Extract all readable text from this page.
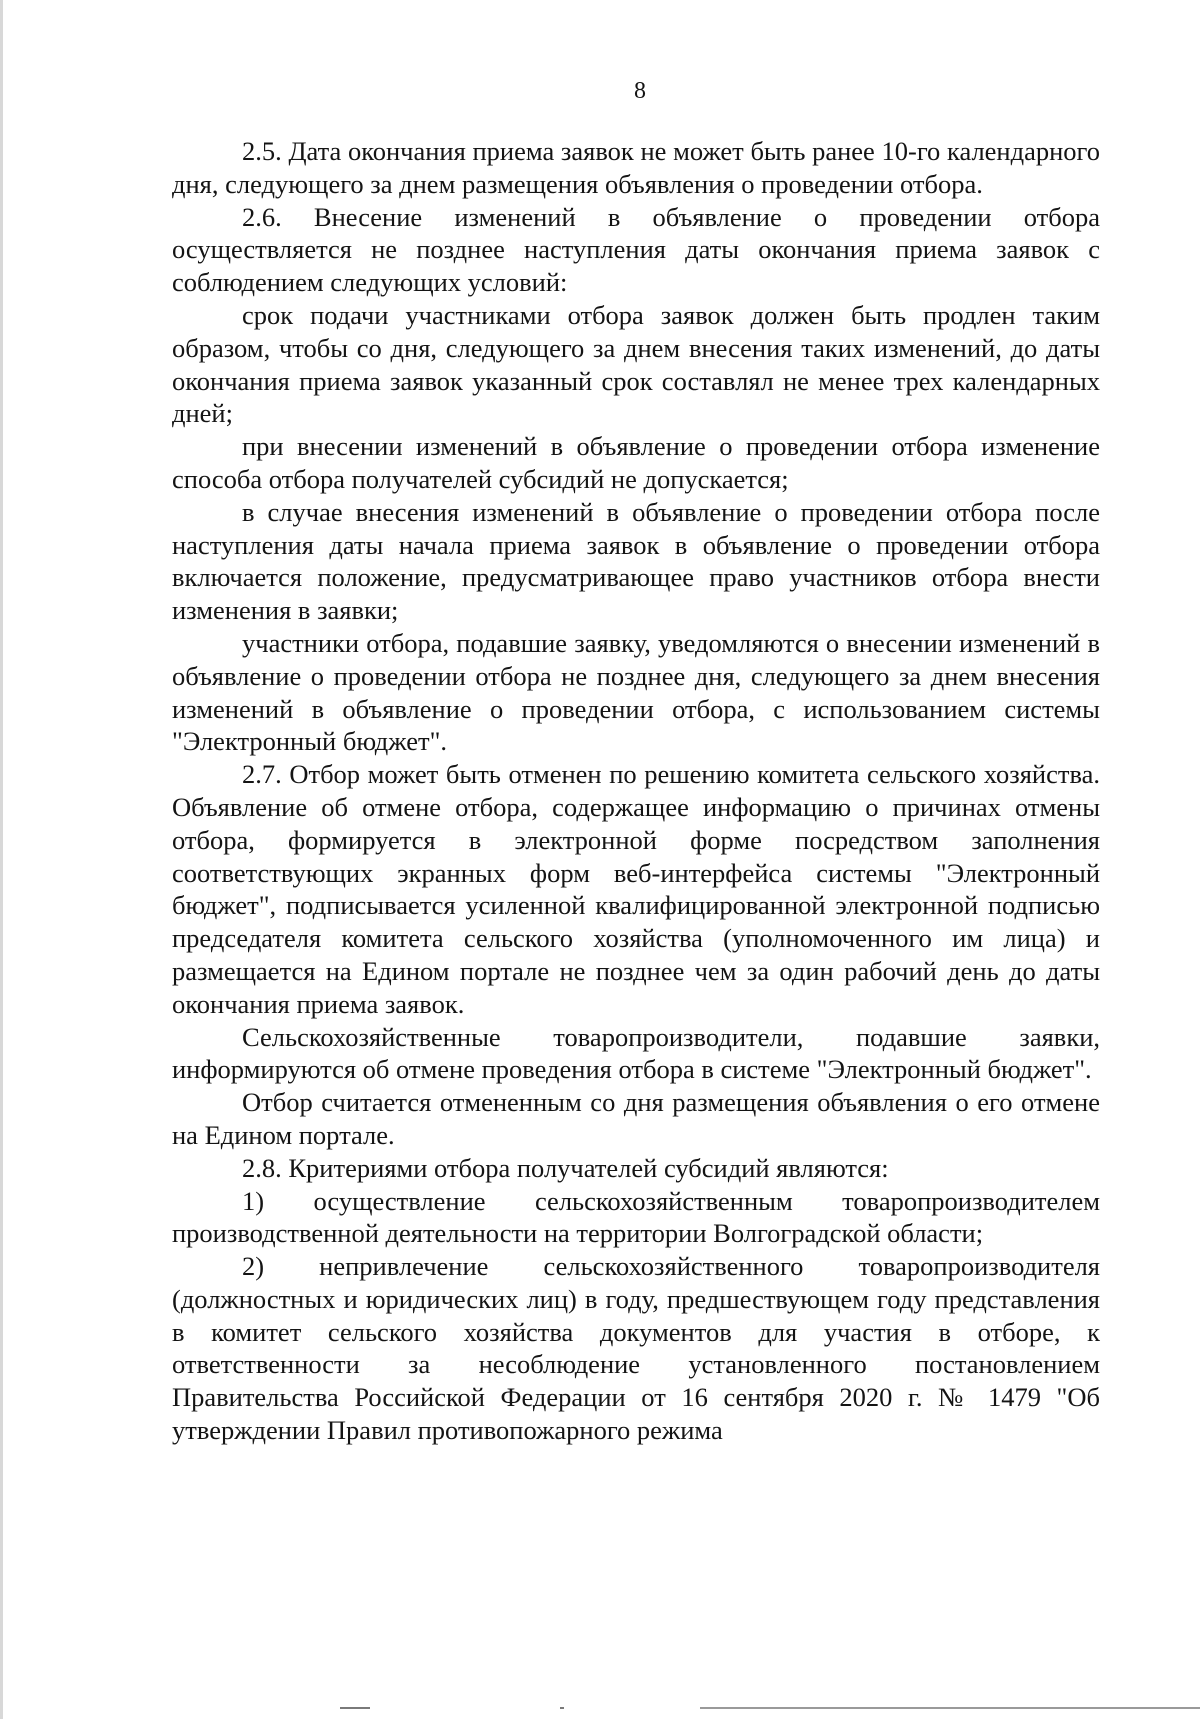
8

2.5. Дата окончания приема заявок не может быть ранее 10-го календарного дня, следующего за днем размещения объявления о проведении отбора.

2.6. Внесение изменений в объявление о проведении отбора осуществляется не позднее наступления даты окончания приема заявок с соблюдением следующих условий:

срок подачи участниками отбора заявок должен быть продлен таким образом, чтобы со дня, следующего за днем внесения таких изменений, до даты окончания приема заявок указанный срок составлял не менее трех календарных дней;

при внесении изменений в объявление о проведении отбора изменение способа отбора получателей субсидий не допускается;

в случае внесения изменений в объявление о проведении отбора после наступления даты начала приема заявок в объявление о проведении отбора включается положение, предусматривающее право участников отбора внести изменения в заявки;

участники отбора, подавшие заявку, уведомляются о внесении изменений в объявление о проведении отбора не позднее дня, следующего за днем внесения изменений в объявление о проведении отбора, с использованием системы "Электронный бюджет".

2.7. Отбор может быть отменен по решению комитета сельского хозяйства. Объявление об отмене отбора, содержащее информацию о причинах отмены отбора, формируется в электронной форме посредством заполнения соответствующих экранных форм веб-интерфейса системы "Электронный бюджет", подписывается усиленной квалифицированной электронной подписью председателя комитета сельского хозяйства (уполномоченного им лица) и размещается на Едином портале не позднее чем за один рабочий день до даты окончания приема заявок.

Сельскохозяйственные товаропроизводители, подавшие заявки, информируются об отмене проведения отбора в системе "Электронный бюджет".

Отбор считается отмененным со дня размещения объявления о его отмене на Едином портале.

2.8. Критериями отбора получателей субсидий являются:

1) осуществление сельскохозяйственным товаропроизводителем производственной деятельности на территории Волгоградской области;

2) непривлечение сельскохозяйственного товаропроизводителя (должностных и юридических лиц) в году, предшествующем году представления в комитет сельского хозяйства документов для участия в отборе, к ответственности за несоблюдение установленного постановлением Правительства Российской Федерации от 16 сентября 2020 г. № 1479 "Об утверждении Правил противопожарного режима
